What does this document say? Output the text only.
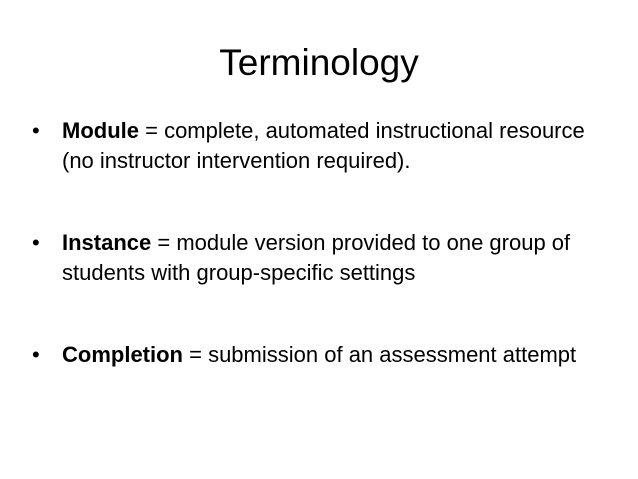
Terminology
•	Module = complete, automated instructional resource (no instructor intervention required).
•	Instance = module version provided to one group of students with group-specific settings
•	Completion = submission of an assessment attempt
